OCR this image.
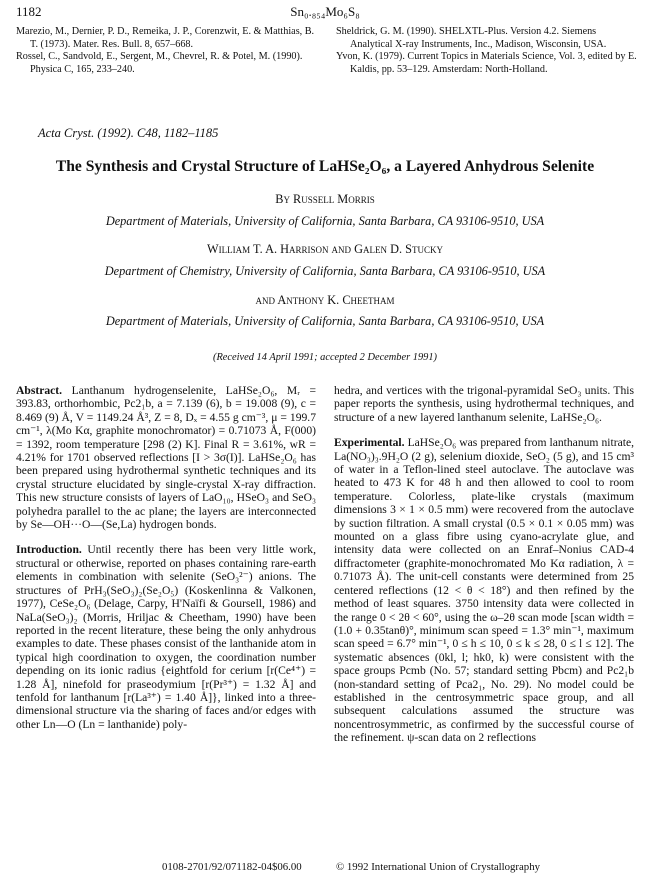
1182	Sn₀.₈₅₄Mo₆S₈
Marezio, M., Dernier, P. D., Remeika, J. P., Corenzwit, E. & Matthias, B. T. (1973). Mater. Res. Bull. 8, 657–668.
Rossel, C., Sandvold, E., Sergent, M., Chevrel, R. & Potel, M. (1990). Physica C, 165, 233–240.
Sheldrick, G. M. (1990). SHELXTL-Plus. Version 4.2. Siemens Analytical X-ray Instruments, Inc., Madison, Wisconsin, USA.
Yvon, K. (1979). Current Topics in Materials Science, Vol. 3, edited by E. Kaldis, pp. 53–129. Amsterdam: North-Holland.
Acta Cryst. (1992). C48, 1182–1185
The Synthesis and Crystal Structure of LaHSe₂O₆, a Layered Anhydrous Selenite
By Russell Morris
Department of Materials, University of California, Santa Barbara, CA 93106-9510, USA
William T. A. Harrison and Galen D. Stucky
Department of Chemistry, University of California, Santa Barbara, CA 93106-9510, USA
and Anthony K. Cheetham
Department of Materials, University of California, Santa Barbara, CA 93106-9510, USA
(Received 14 April 1991; accepted 2 December 1991)

Abstract. Lanthanum hydrogenselenite, LaHSe₂O₆, Mᵣ = 393.83, orthorhombic, Pc2₁b, a = 7.139 (6), b = 19.008 (9), c = 8.469 (9) Å, V = 1149.24 Å³, Z = 8, Dₓ = 4.55 g cm⁻³, μ = 199.7 cm⁻¹, λ(Mo Kα, graphite monochromator) = 0.71073 Å, F(000) = 1392, room temperature [298 (2) K]. Final R = 3.61%, wR = 4.21% for 1701 observed reflections [I > 3σ(I)]. LaHSe₂O₆ has been prepared using hydrothermal synthetic techniques and its crystal structure elucidated by single-crystal X-ray diffraction. This new structure consists of layers of LaO₁₀, HSeO₃ and SeO₃ polyhedra parallel to the ac plane; the layers are interconnected by Se—OH···O—(Se,La) hydrogen bonds.

Introduction. Until recently there has been very little work, structural or otherwise, reported on phases containing rare-earth elements in combination with selenite (SeO₃²⁻) anions. The structures of PrH₃(SeO₃)₂(Se₂O₅) (Koskenlinna & Valkonen, 1977), CeSe₂O₆ (Delage, Carpy, H'Naïfi & Goursell, 1986) and NaLa(SeO₃)₂ (Morris, Hriljac & Cheetham, 1990) have been reported in the recent literature, these being the only anhydrous examples to date. These phases consist of the lanthanide atom in typical high coordination to oxygen, the coordination number depending on its ionic radius {eightfold for cerium [r(Ce⁴⁺) = 1.28 Å], ninefold for praseodymium [r(Pr³⁺) = 1.32 Å] and tenfold for lanthanum [r(La³⁺) = 1.40 Å]}, linked into a three-dimensional structure via the sharing of faces and/or edges with other Ln—O (Ln = lanthanide) poly-

hedra, and vertices with the trigonal-pyramidal SeO₃ units. This paper reports the synthesis, using hydrothermal techniques, and structure of a new layered lanthanum selenite, LaHSe₂O₆.

Experimental. LaHSe₂O₆ was prepared from lanthanum nitrate, La(NO₃)₃.9H₂O (2 g), selenium dioxide, SeO₂ (5 g), and 15 cm³ of water in a Teflon-lined steel autoclave. The autoclave was heated to 473 K for 48 h and then allowed to cool to room temperature. Colorless, plate-like crystals (maximum dimensions 3 × 1 × 0.5 mm) were recovered from the autoclave by suction filtration. A small crystal (0.5 × 0.1 × 0.05 mm) was mounted on a glass fibre using cyano-acrylate glue, and intensity data were collected on an Enraf–Nonius CAD-4 diffractometer (graphite-monochromated Mo Kα radiation, λ = 0.71073 Å). The unit-cell constants were determined from 25 centered reflections (12 < θ < 18°) and then refined by the method of least squares. 3750 intensity data were collected in the range 0 < 2θ < 60°, using the ω–2θ scan mode [scan width = (1.0 + 0.35tanθ)°, minimum scan speed = 1.3° min⁻¹, maximum scan speed = 6.7° min⁻¹, 0 ≤ h ≤ 10, 0 ≤ k ≤ 28, 0 ≤ l ≤ 12]. The systematic absences (0kl, l; hk0, k) were consistent with the space groups Pcmb (No. 57; standard setting Pbcm) and Pc2₁b (non-standard setting of Pca2₁, No. 29). No model could be established in the centrosymmetric space group, and all subsequent calculations assumed the structure was noncentrosymmetric, as confirmed by the successful course of the refinement. ψ-scan data on 2 reflections

0108-2701/92/071182-04$06.00	© 1992 International Union of Crystallography
